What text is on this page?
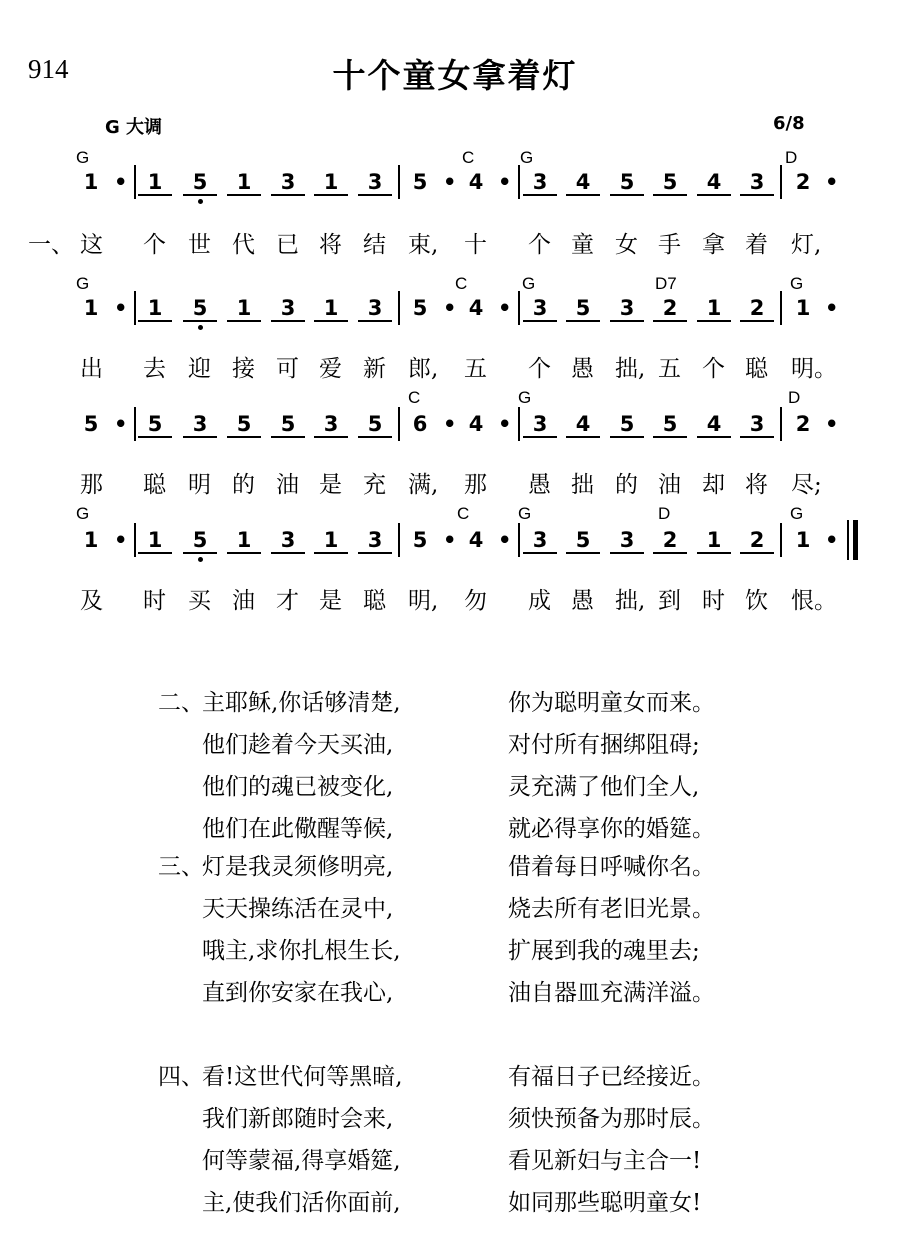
914	十个童女拿着灯
G 大调	6/8
G	C	G	D
1 • 1	5	1	3	1	3	5 • 4 •	3	4	5	5	4	3	2 •
一、 这	个 世 代 已 将 结 束,	十	个 童 女 手 拿 着	灯,
G	C	G	D7	G
1 • 1	5	1	3	1	3	5 • 4 •	3	5	3	2	1	2	1 •
出	去 迎 接 可 爱 新 郎,	五	个 愚 拙, 五 个 聪	明。
C	G	D
5 • 5	3	5	5	3	5	6 • 4 •	3	4	5	5	4	3	2 •
那	聪 明 的 油 是 充 满,	那	愚 拙 的 油 却 将	尽;
G	C	G	D	G
1 • 1	5	1	3	1	3	5 • 4 •	3	5	3	2	1	2	1 •
及	时 买 油 才 是 聪 明,	勿	成 愚 拙, 到 时 饮	恨。
二、
主耶稣,你话够清楚,	你为聪明童女而来。
他们趁着今天买油,	对付所有捆绑阻碍;
他们的魂已被变化,	灵充满了他们全人,
他们在此儆醒等候,	就必得享你的婚筵。
三、
灯是我灵须修明亮,	借着每日呼喊你名。
天天操练活在灵中,	烧去所有老旧光景。
哦主,求你扎根生长,	扩展到我的魂里去;
直到你安家在我心,	油自器皿充满洋溢。
四、
看!这世代何等黑暗,	有福日子已经接近。
我们新郎随时会来,	须快预备为那时辰。
何等蒙福,得享婚筵,	看见新妇与主合一!
主,使我们活你面前,	如同那些聪明童女!
